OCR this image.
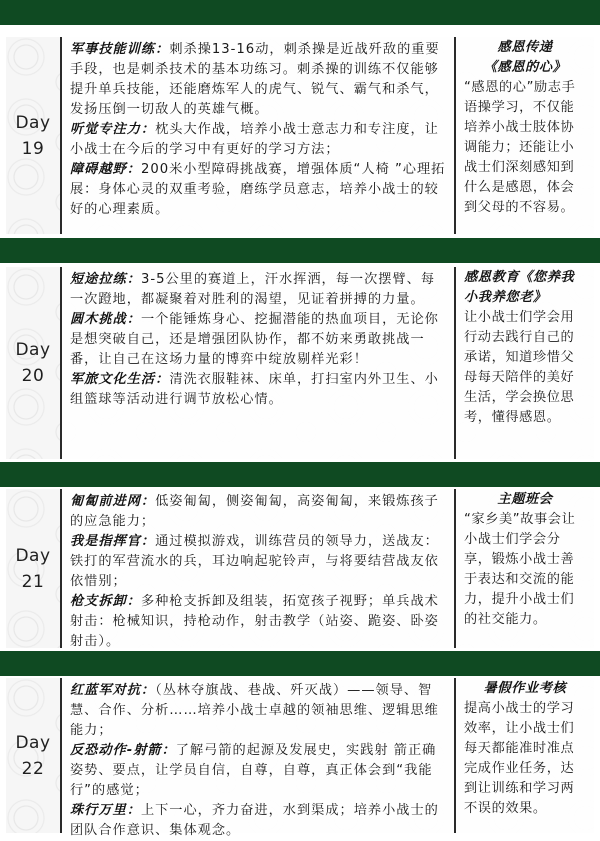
Day
19

军事技能训练：刺杀操13-16动，刺杀操是近战歼敌的重要手段，也是刺杀技术的基本功练习。刺杀操的训练不仅能够提升单兵技能，还能磨炼军人的虎气、锐气、霸气和杀气，发扬压倒一切敌人的英雄气概。

听觉专注力：枕头大作战，培养小战士意志力和专注度，让小战士在今后的学习中有更好的学习方法；

障碍越野：200米小型障碍挑战赛，增强体质“人椅 ”心理拓展：身体心灵的双重考验，磨练学员意志，培养小战士的较好的心理素质。

感恩传递
《感恩的心》

“感恩的心”励志手语操学习，不仅能培养小战士肢体协调能力；还能让小战士们深刻感知到什么是感恩，体会到父母的不容易。

Day
20

短途拉练：3-5公里的赛道上，汗水挥洒，每一次摆臂、每一次蹬地，都凝聚着对胜利的渴望，见证着拼搏的力量。

圆木挑战：一个能锤炼身心、挖掘潜能的热血项目，无论你是想突破自己，还是增强团队协作，都不妨来勇敢挑战一番，让自己在这场力量的博弈中绽放剔样光彩！

军旅文化生活：清洗衣服鞋袜、床单，打扫室内外卫生、小组篮球等活动进行调节放松心情。

感恩教育《您养我小我养您老》

让小战士们学会用行动去践行自己的承诺，知道珍惜父母每天陪伴的美好生活，学会换位思考，懂得感恩。

Day
21

匍匐前进网：低姿匍匐，侧姿匍匐，高姿匍匐，来锻炼孩子的应急能力；

我是指挥官：通过模拟游戏，训练营员的领导力，送战友：铁打的军营流水的兵，耳边响起驼铃声，与将要结营战友依依惜别；

枪支拆卸：多种枪支拆卸及组装，拓宽孩子视野；单兵战术射击：枪械知识，持枪动作，射击教学（站姿、跪姿、卧姿射击）。

主题班会

“家乡美”故事会让小战士们学会分享，锻炼小战士善于表达和交流的能力，提升小战士们的社交能力。

Day
22

红蓝军对抗：（丛林夺旗战、巷战、歼灭战）——领导、智慧、合作、分析……培养小战士卓越的领袖思维、逻辑思维能力；

反恐动作-射箭：了解弓箭的起源及发展史，实践射 箭正确姿势、要点，让学员自信，自尊，自尊，真正体会到“我能行”的感觉；

珠行万里：上下一心，齐力奋进，水到渠成；培养小战士的团队合作意识、集体观念。

暑假作业考核

提高小战士的学习效率，让小战士们每天都能准时准点完成作业任务，达到让训练和学习两不误的效果。
